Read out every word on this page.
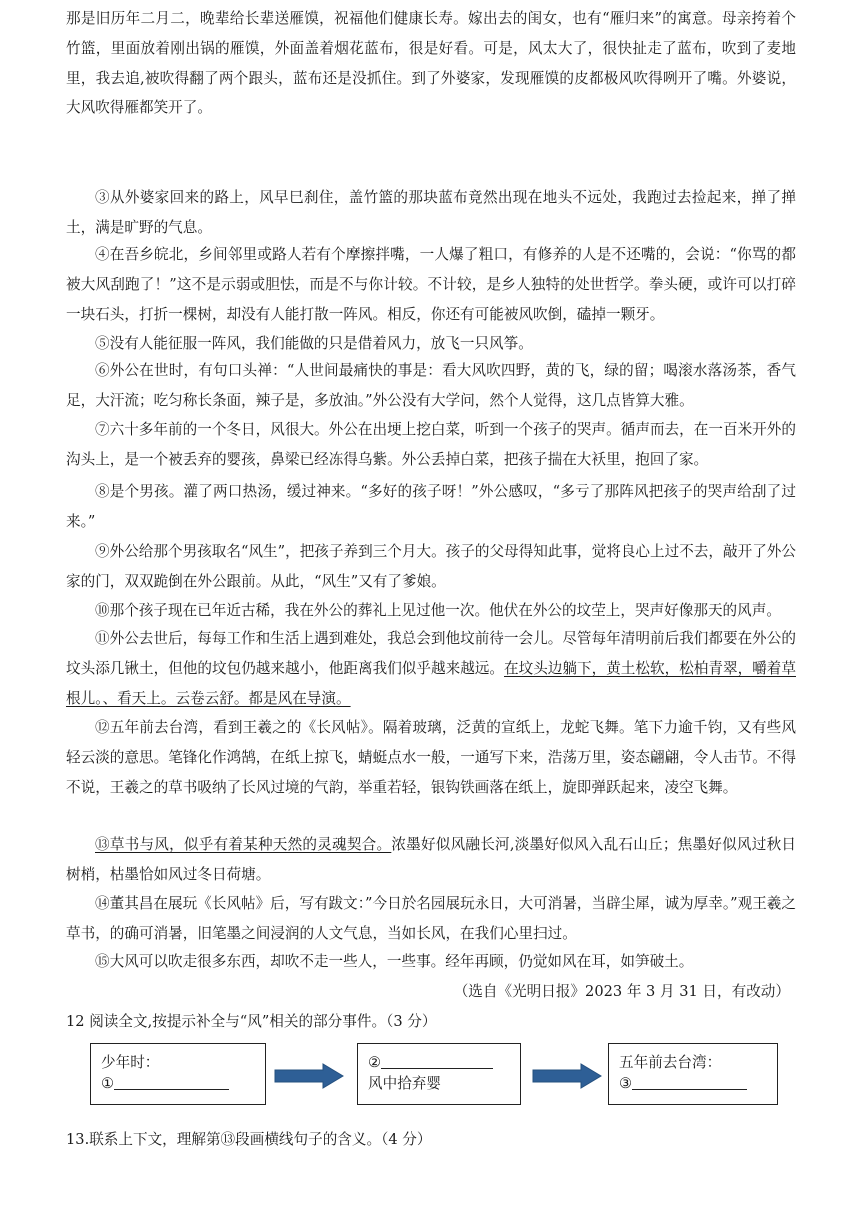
那是旧历年二月二，晚辈给长辈送雁馍，祝福他们健康长寿。嫁出去的闺女，也有“雁归来”的寓意。母亲挎着个竹篮，里面放着刚出锅的雁馍，外面盖着烟花蓝布，很是好看。可是，风太大了，很快扯走了蓝布，吹到了麦地里，我去追,被吹得翻了两个跟头，蓝布还是没抓住。到了外婆家，发现雁馍的皮都极风吹得咧开了嘴。外婆说，大风吹得雁都笑开了。

③从外婆家回来的路上，风早巳刹住，盖竹篮的那块蓝布竟然出现在地头不远处，我跑过去捡起来，掸了掸土，满是旷野的气息。

④在吾乡皖北，乡间邻里或路人若有个摩擦拌嘴，一人爆了粗口，有修养的人是不还嘴的，会说：“你骂的都被大风刮跑了！”这不是示弱或胆怯，而是不与你计较。不计较，是乡人独特的处世哲学。拳头硬，或许可以打碎一块石头，打折一棵树，却没有人能打散一阵风。相反，你还有可能被风吹倒，磕掉一颗牙。

⑤没有人能征服一阵风，我们能做的只是借着风力，放飞一只风筝。

⑥外公在世时，有句口头禅：“人世间最痛快的事是：看大风吹四野，黄的飞，绿的留；喝滚水落汤茶，香气足，大汗流；吃匀称长条面，辣子是，多放油。”外公没有大学问，然个人觉得，这几点皆算大雅。

⑦六十多年前的一个冬日，风很大。外公在出埂上挖白菜，听到一个孩子的哭声。循声而去，在一百米开外的沟头上，是一个被丢弃的婴孩，鼻梁已经冻得乌紫。外公丢掉白菜，把孩子揣在大袄里，抱回了家。

⑧是个男孩。灌了两口热汤，缓过神来。“多好的孩子呀！”外公感叹，“多亏了那阵风把孩子的哭声给刮了过来。”

⑨外公给那个男孩取名“风生”，把孩子养到三个月大。孩子的父母得知此事，觉将良心上过不去，敲开了外公家的门，双双跪倒在外公跟前。从此，“风生”又有了爹娘。

⑩那个孩子现在已年近古稀，我在外公的葬礼上见过他一次。他伏在外公的坟茔上，哭声好像那天的风声。

⑪外公去世后，每每工作和生活上遇到难处，我总会到他坟前待一会儿。尽管每年清明前后我们都要在外公的坟头添几锹土，但他的坟包仍越来越小，他距离我们似乎越来越远。在坟头边躺下，黄土松软，松柏青翠，嚼着草根儿。、看天上。云卷云舒。都是风在导演。

⑫五年前去台湾，看到王羲之的《长风帖》。隔着玻璃，泛黄的宣纸上，龙蛇飞舞。笔下力逾千钧，又有些风轻云淡的意思。笔锋化作鸿鹄，在纸上掠飞，蜻蜓点水一般，一通写下来，浩荡万里，姿态翩翩，令人击节。不得不说，王羲之的草书吸纳了长风过境的气韵，举重若轻，银钩铁画落在纸上，旋即弹跃起来，凌空飞舞。

⑬草书与风，似乎有着某种天然的灵魂契合。浓墨好似风融长河,淡墨好似风入乱石山丘；焦墨好似风过秋日树梢，枯墨恰如风过冬日荷塘。

⑭董其昌在展玩《长风帖》后，写有跋文：”今日於名园展玩永日，大可消暑，当辟尘犀，诚为厚幸。”观王羲之草书，的确可消暑，旧笔墨之间浸润的人文气息，当如长风，在我们心里扫过。

⑮大风可以吹走很多东西，却吹不走一些人，一些事。经年再顾，仍觉如风在耳，如笋破土。

（选自《光明日报》2023 年 3 月 31 日，有改动）
12 阅读全文,按提示补全与“风”相关的部分事件。（3 分）
少年时：
①
②
风中拾弃婴
五年前去台湾：
③
13.联系上下文，理解第⑬段画横线句子的含义。（4 分）
